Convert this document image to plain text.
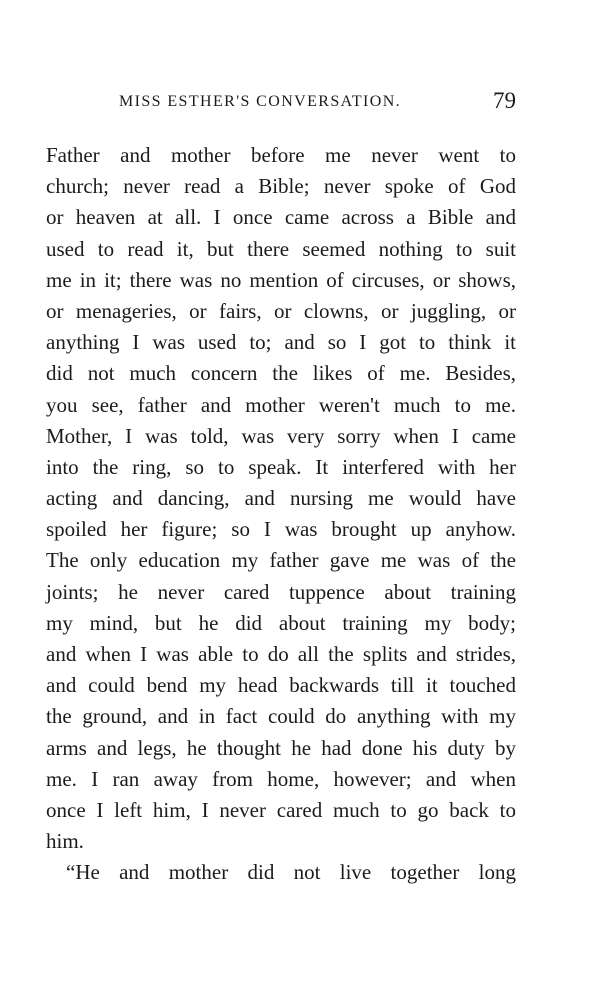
MISS ESTHER'S CONVERSATION.	79
Father and mother before me never went to
church; never read a Bible; never spoke of God
or heaven at all. I once came across a Bible and
used to read it, but there seemed nothing to suit
me in it; there was no mention of circuses, or shows,
or menageries, or fairs, or clowns, or juggling, or
anything I was used to; and so I got to think it
did not much concern the likes of me. Besides,
you see, father and mother weren't much to me.
Mother, I was told, was very sorry when I came
into the ring, so to speak. It interfered with her
acting and dancing, and nursing me would have
spoiled her figure; so I was brought up anyhow.
The only education my father gave me was of the
joints; he never cared tuppence about training
my mind, but he did about training my body;
and when I was able to do all the splits and strides,
and could bend my head backwards till it touched
the ground, and in fact could do anything with my
arms and legs, he thought he had done his duty by
me. I ran away from home, however; and when
once I left him, I never cared much to go back to
him.
“He and mother did not live together long
